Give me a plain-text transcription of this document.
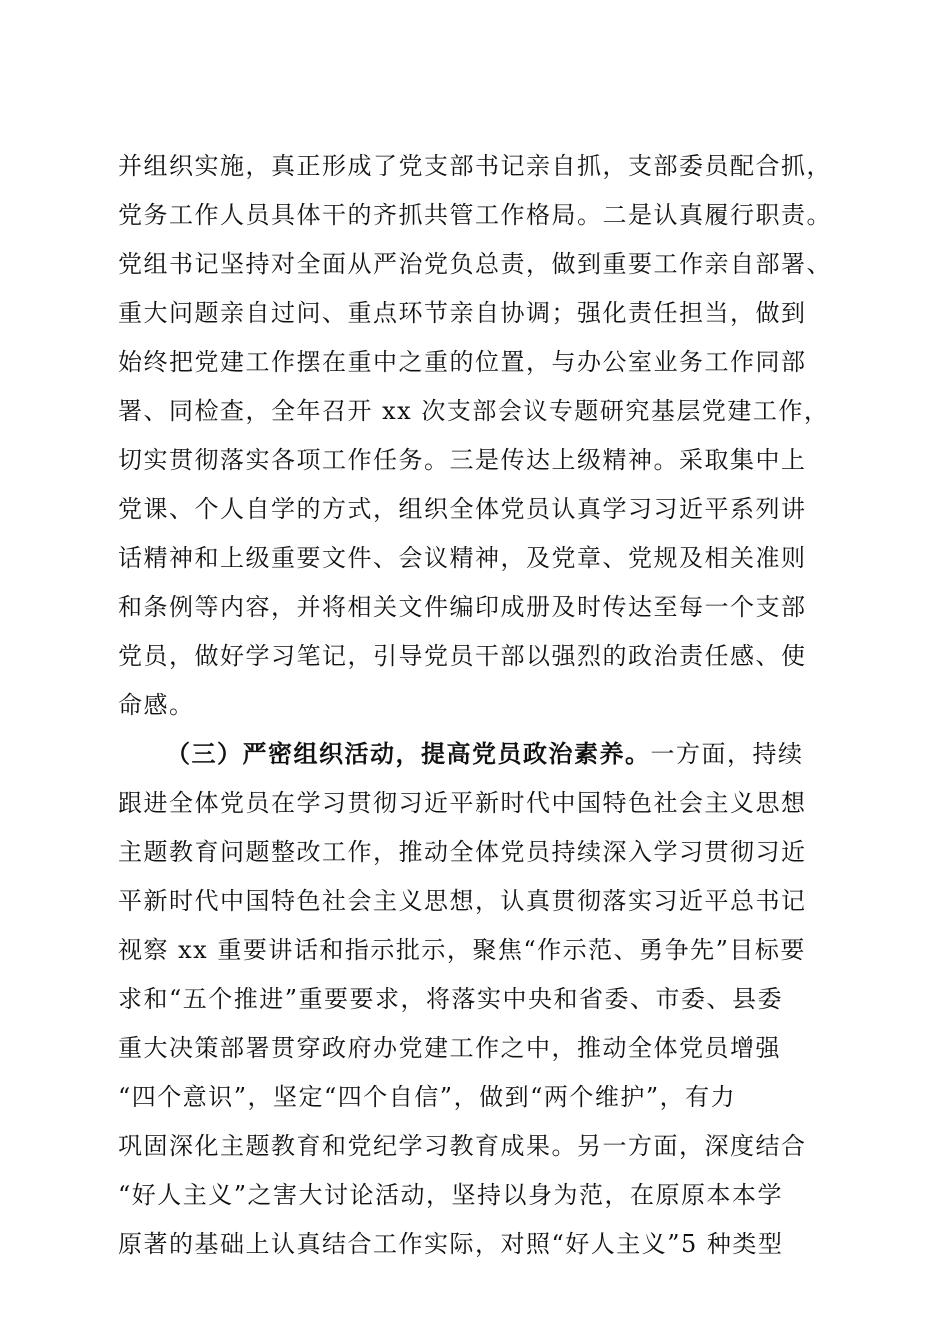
并组织实施，真正形成了党支部书记亲自抓，支部委员配合抓，
党务工作人员具体干的齐抓共管工作格局。二是认真履行职责。
党组书记坚持对全面从严治党负总责，做到重要工作亲自部署、
重大问题亲自过问、重点环节亲自协调；强化责任担当，做到
始终把党建工作摆在重中之重的位置，与办公室业务工作同部
署、同检查，全年召开 xx 次支部会议专题研究基层党建工作，
切实贯彻落实各项工作任务。三是传达上级精神。采取集中上
党课、个人自学的方式，组织全体党员认真学习习近平系列讲
话精神和上级重要文件、会议精神，及党章、党规及相关准则
和条例等内容，并将相关文件编印成册及时传达至每一个支部
党员，做好学习笔记，引导党员干部以强烈的政治责任感、使
命感。
（三）严密组织活动，提高党员政治素养。一方面，持续
跟进全体党员在学习贯彻习近平新时代中国特色社会主义思想
主题教育问题整改工作，推动全体党员持续深入学习贯彻习近
平新时代中国特色社会主义思想，认真贯彻落实习近平总书记
视察 xx 重要讲话和指示批示，聚焦“作示范、勇争先”目标要
求和“五个推进”重要要求，将落实中央和省委、市委、县委
重大决策部署贯穿政府办党建工作之中，推动全体党员增强
“四个意识”，坚定“四个自信”，做到“两个维护”，有力
巩固深化主题教育和党纪学习教育成果。另一方面，深度结合
“好人主义”之害大讨论活动，坚持以身为范，在原原本本学
原著的基础上认真结合工作实际，对照“好人主义”5 种类型
